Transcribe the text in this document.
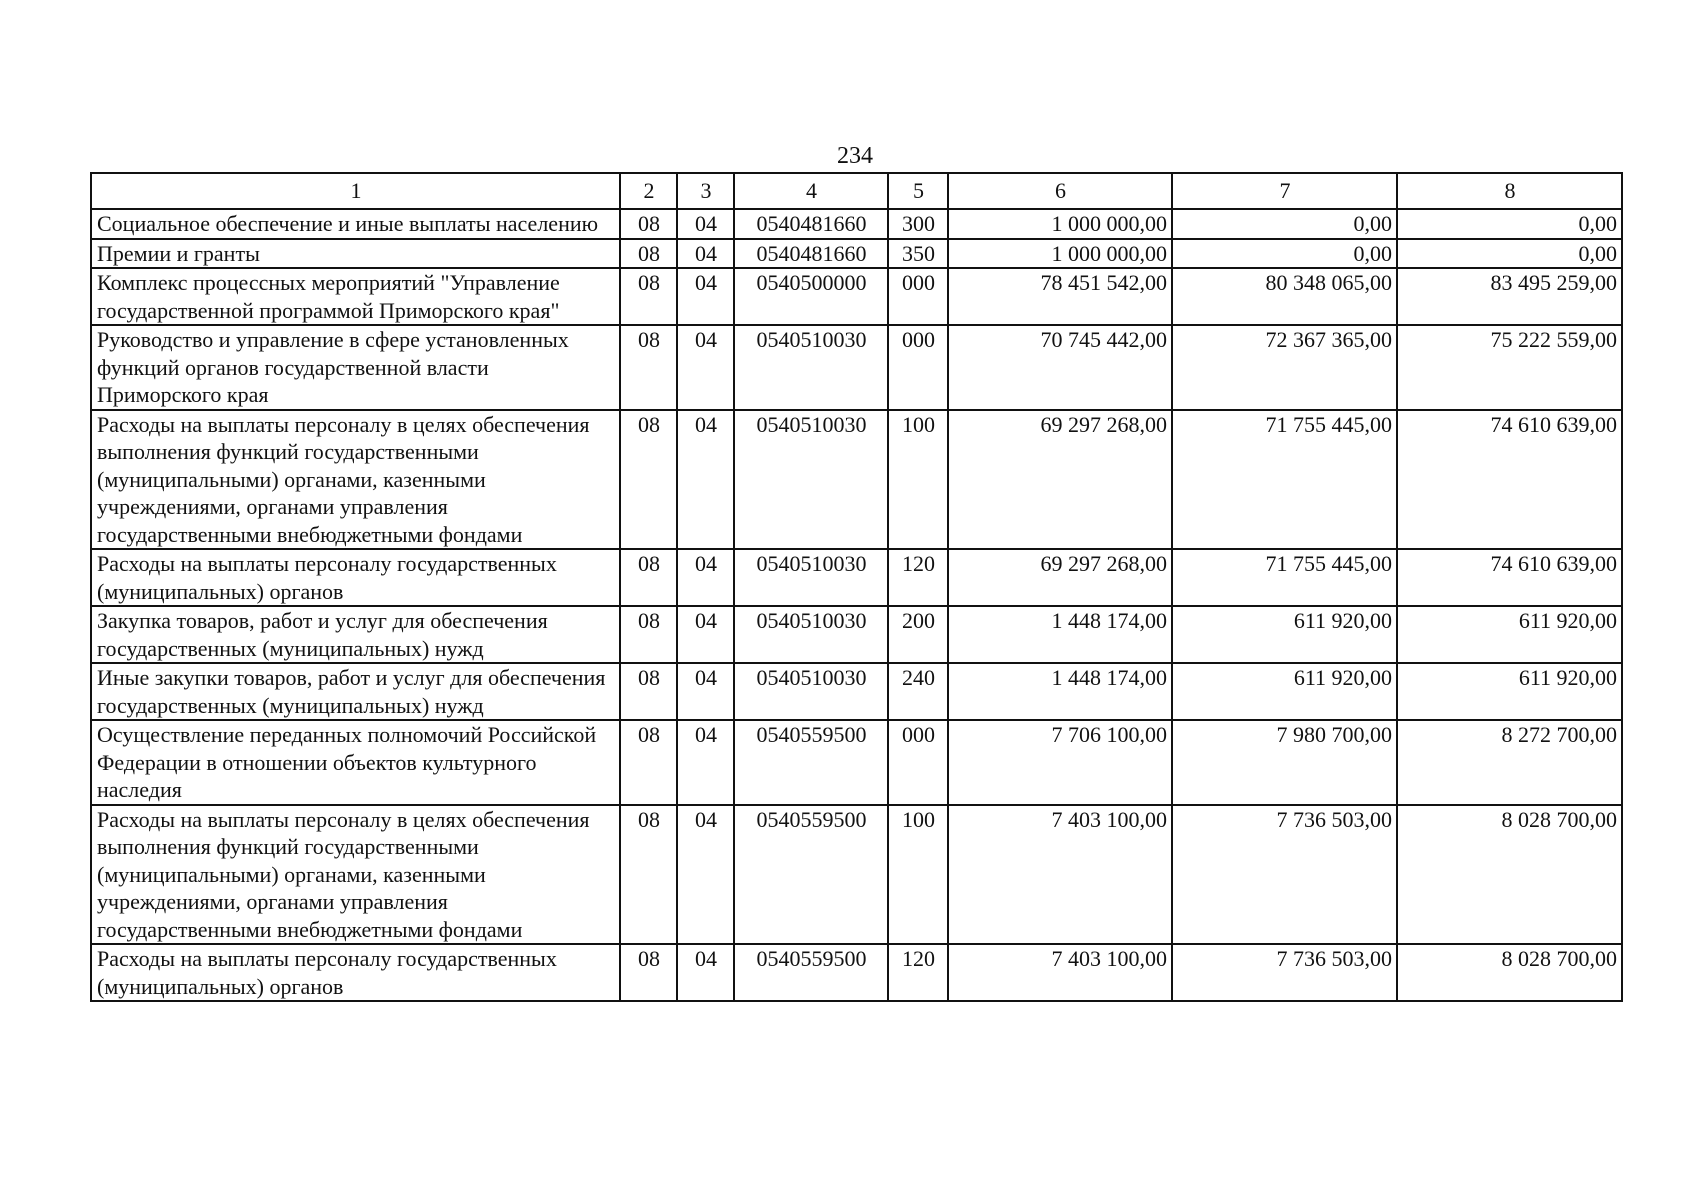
234
1	2	3	4	5	6	7	8
Социальное обеспечение и иные выплаты населению	08	04	0540481660	300	1 000 000,00	0,00	0,00
Премии и гранты	08	04	0540481660	350	1 000 000,00	0,00	0,00
Комплекс процессных мероприятий "Управление государственной программой Приморского края"	08	04	0540500000	000	78 451 542,00	80 348 065,00	83 495 259,00
Руководство и управление в сфере установленных функций органов государственной власти Приморского края	08	04	0540510030	000	70 745 442,00	72 367 365,00	75 222 559,00
Расходы на выплаты персоналу в целях обеспечения выполнения функций государственными (муниципальными) органами, казенными учреждениями, органами управления государственными внебюджетными фондами	08	04	0540510030	100	69 297 268,00	71 755 445,00	74 610 639,00
Расходы на выплаты персоналу государственных (муниципальных) органов	08	04	0540510030	120	69 297 268,00	71 755 445,00	74 610 639,00
Закупка товаров, работ и услуг для обеспечения государственных (муниципальных) нужд	08	04	0540510030	200	1 448 174,00	611 920,00	611 920,00
Иные закупки товаров, работ и услуг для обеспечения государственных (муниципальных) нужд	08	04	0540510030	240	1 448 174,00	611 920,00	611 920,00
Осуществление переданных полномочий Российской Федерации в отношении объектов культурного наследия	08	04	0540559500	000	7 706 100,00	7 980 700,00	8 272 700,00
Расходы на выплаты персоналу в целях обеспечения выполнения функций государственными (муниципальными) органами, казенными учреждениями, органами управления государственными внебюджетными фондами	08	04	0540559500	100	7 403 100,00	7 736 503,00	8 028 700,00
Расходы на выплаты персоналу государственных (муниципальных) органов	08	04	0540559500	120	7 403 100,00	7 736 503,00	8 028 700,00
